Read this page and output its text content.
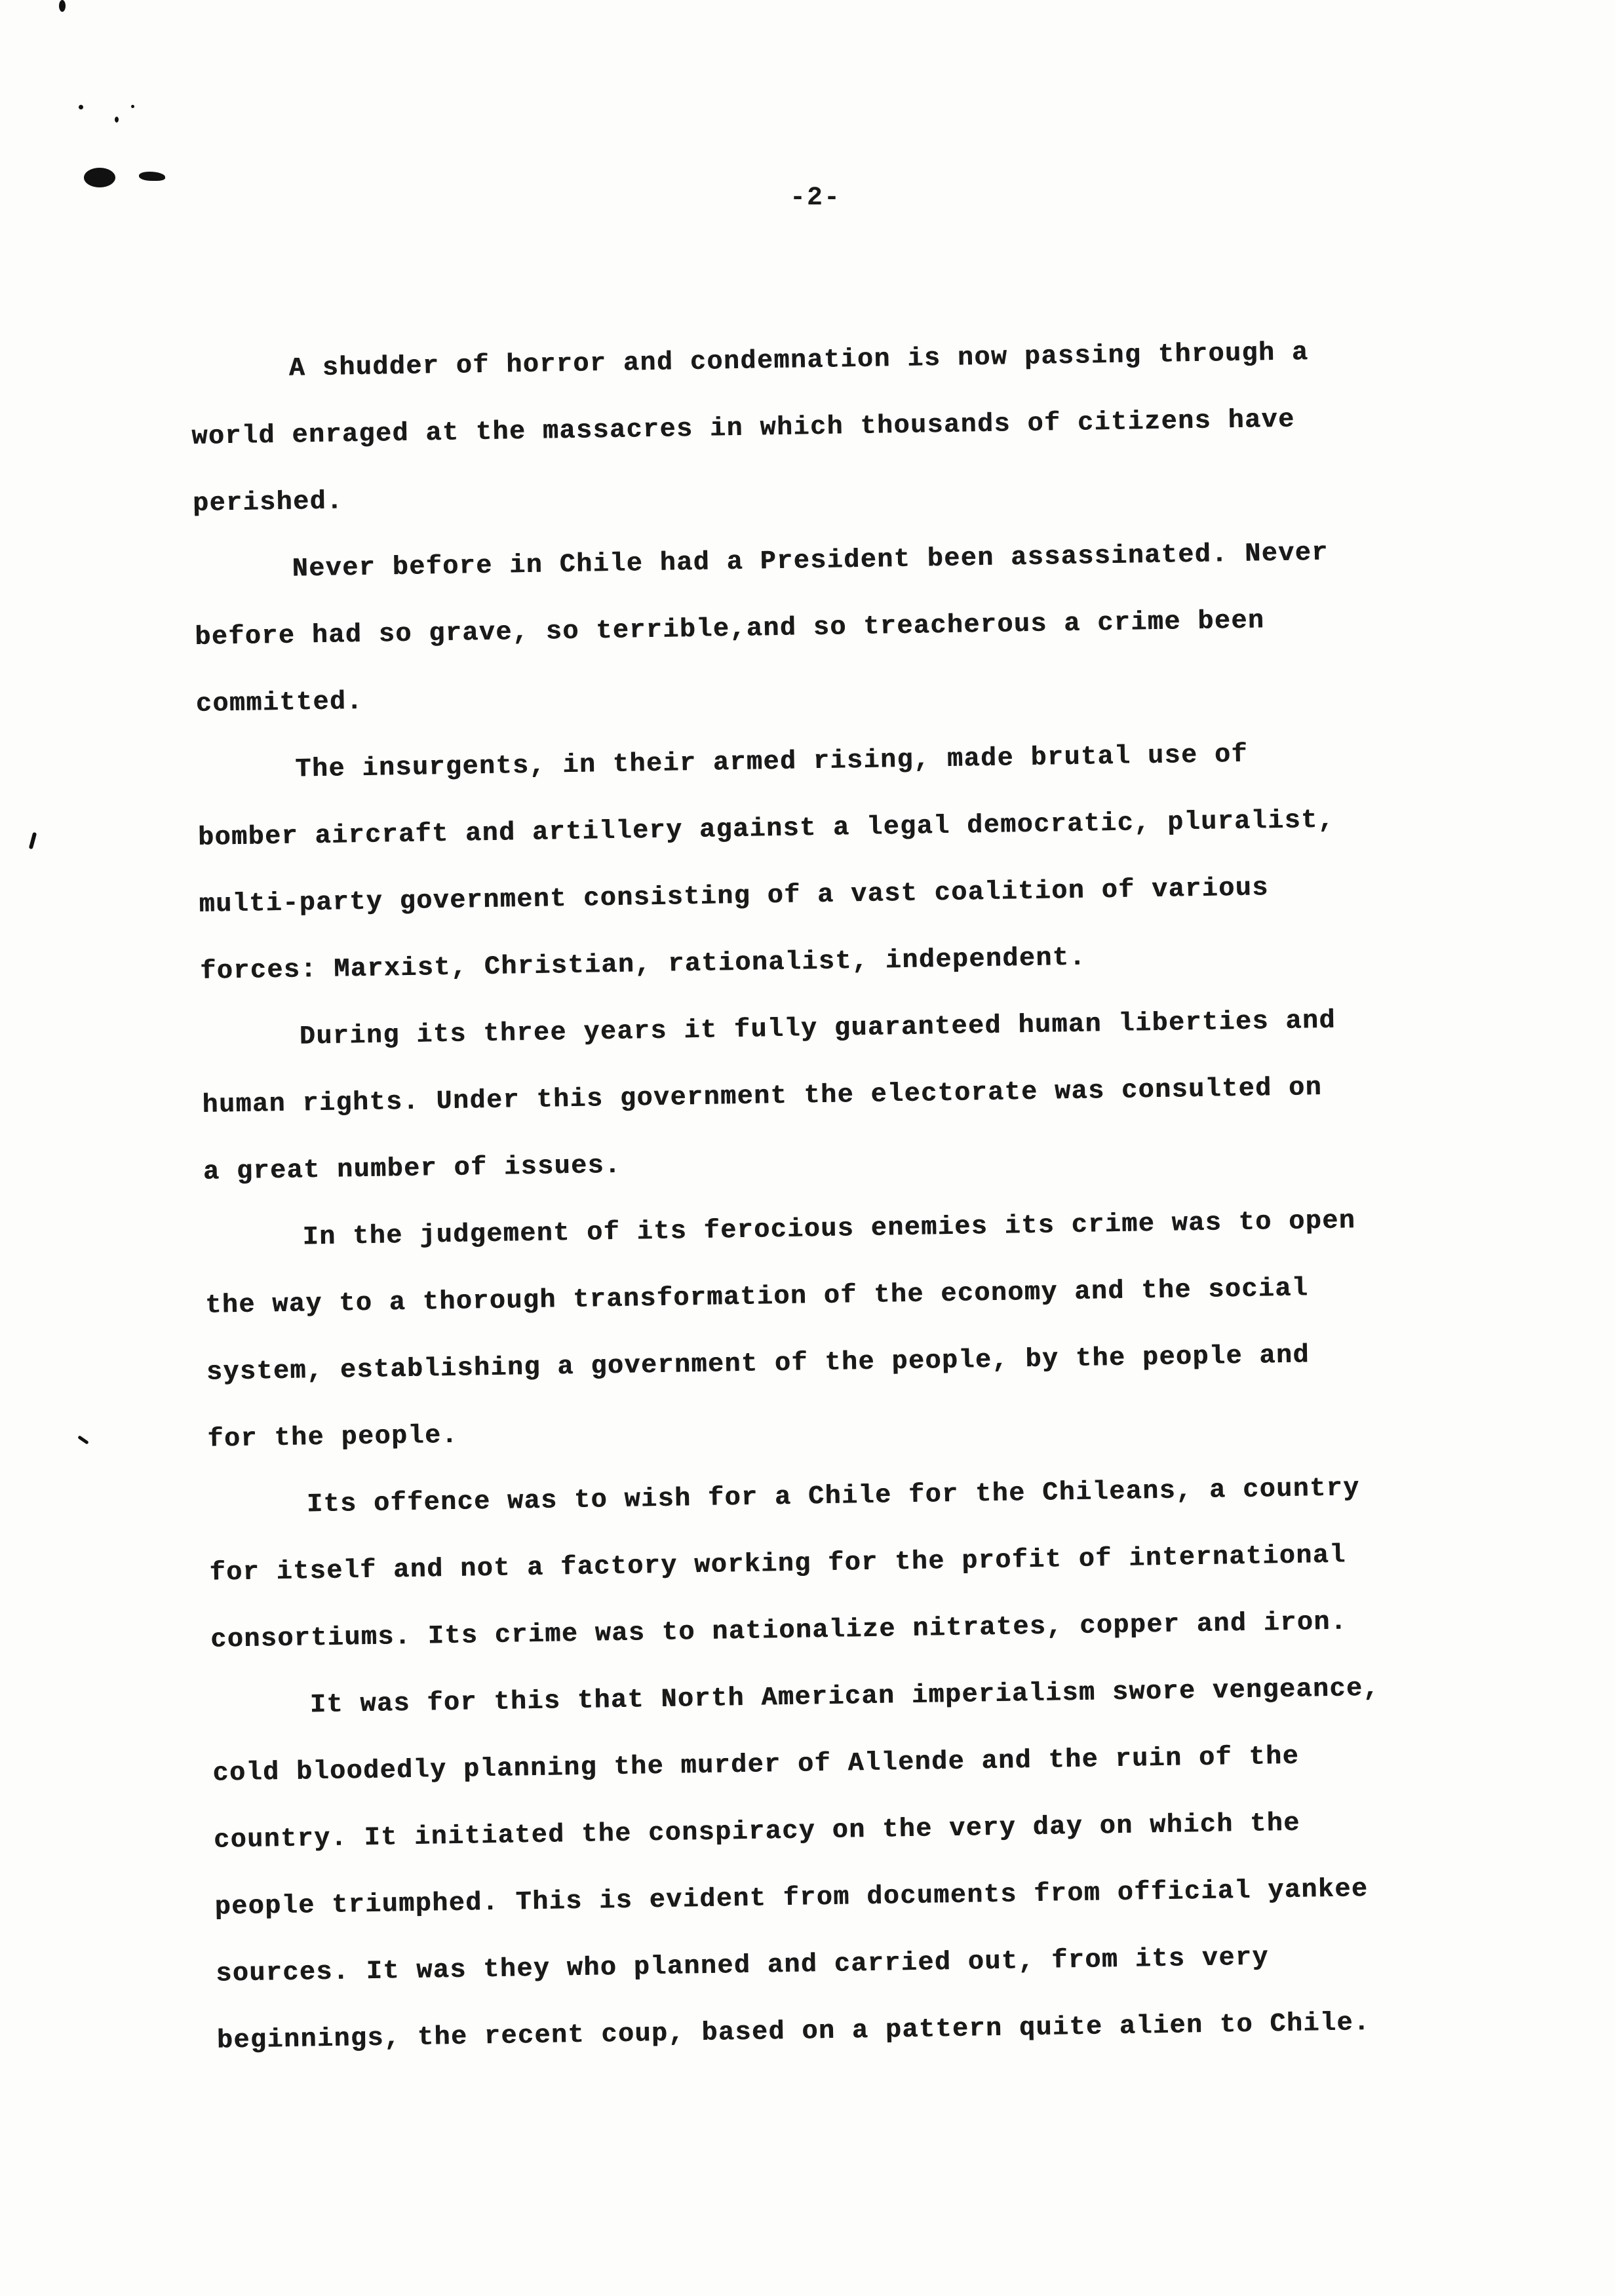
-2-
A shudder of horror and condemnation is now passing through a
world enraged at the massacres in which thousands of citizens have
perished.
Never before in Chile had a President been assassinated. Never
before had so grave, so terrible,and so treacherous a crime been
committed.
The insurgents, in their armed rising, made brutal use of
bomber aircraft and artillery against a legal democratic, pluralist,
multi-party government consisting of a vast coalition of various
forces: Marxist, Christian, rationalist, independent.
During its three years it fully guaranteed human liberties and
human rights. Under this government the electorate was consulted on
a great number of issues.
In the judgement of its ferocious enemies its crime was to open
the way to a thorough transformation of the economy and the social
system, establishing a government of the people, by the people and
for the people.
Its offence was to wish for a Chile for the Chileans, a country
for itself and not a factory working for the profit of international
consortiums. Its crime was to nationalize nitrates, copper and iron.
It was for this that North American imperialism swore vengeance,
cold bloodedly planning the murder of Allende and the ruin of the
country. It initiated the conspiracy on the very day on which the
people triumphed. This is evident from documents from official yankee
sources. It was they who planned and carried out, from its very
beginnings, the recent coup, based on a pattern quite alien to Chile.
